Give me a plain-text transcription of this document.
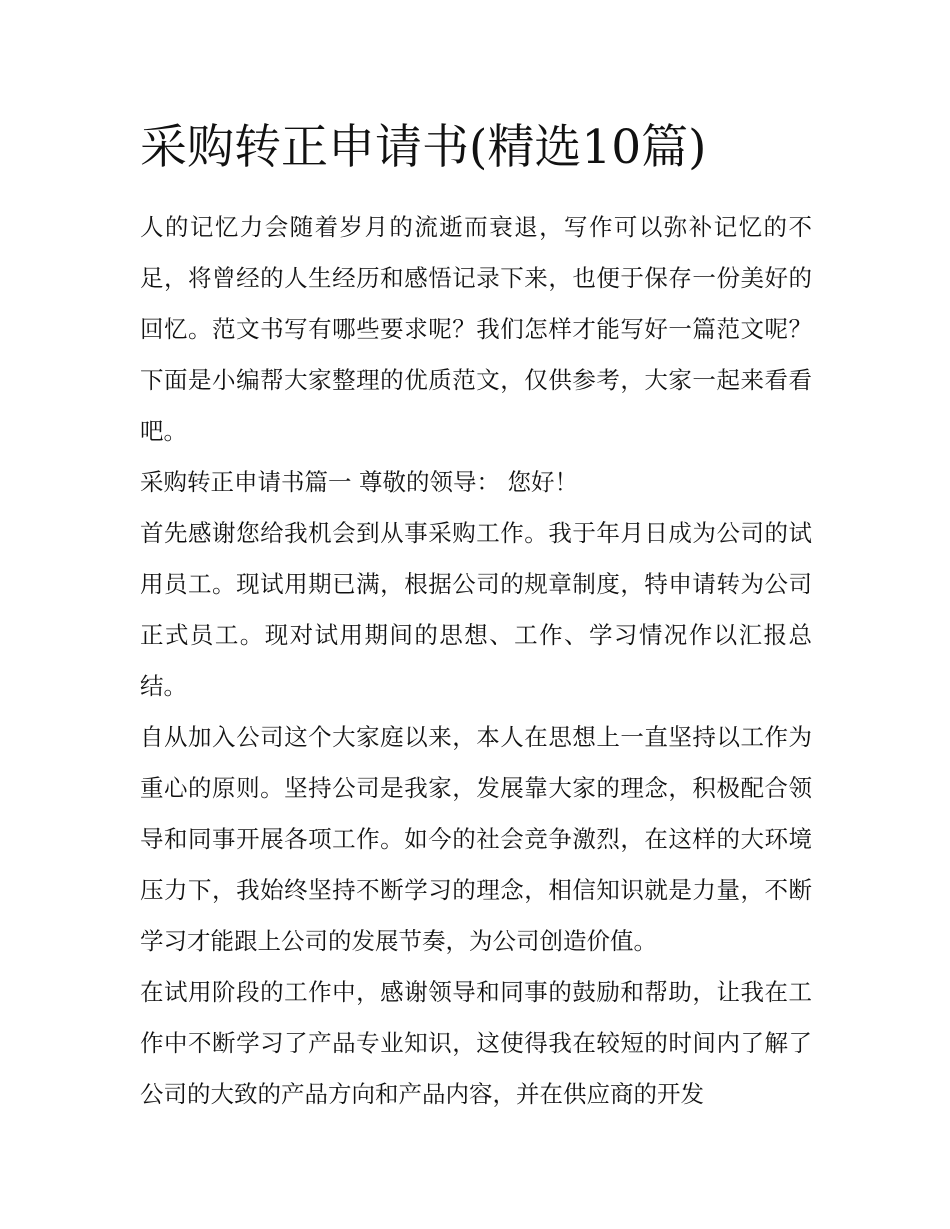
采购转正申请书(精选10篇)

人的记忆力会随着岁月的流逝而衰退，写作可以弥补记忆的不足，将曾经的人生经历和感悟记录下来，也便于保存一份美好的回忆。范文书写有哪些要求呢？我们怎样才能写好一篇范文呢？下面是小编帮大家整理的优质范文，仅供参考，大家一起来看看吧。

采购转正申请书篇一 尊敬的领导： 您好！

首先感谢您给我机会到从事采购工作。我于年月日成为公司的试用员工。现试用期已满，根据公司的规章制度，特申请转为公司正式员工。现对试用期间的思想、工作、学习情况作以汇报总结。

自从加入公司这个大家庭以来，本人在思想上一直坚持以工作为重心的原则。坚持公司是我家，发展靠大家的理念，积极配合领导和同事开展各项工作。如今的社会竞争激烈，在这样的大环境压力下，我始终坚持不断学习的理念，相信知识就是力量，不断学习才能跟上公司的发展节奏，为公司创造价值。

在试用阶段的工作中，感谢领导和同事的鼓励和帮助，让我在工作中不断学习了产品专业知识，这使得我在较短的时间内了解了公司的大致的产品方向和产品内容，并在供应商的开发
